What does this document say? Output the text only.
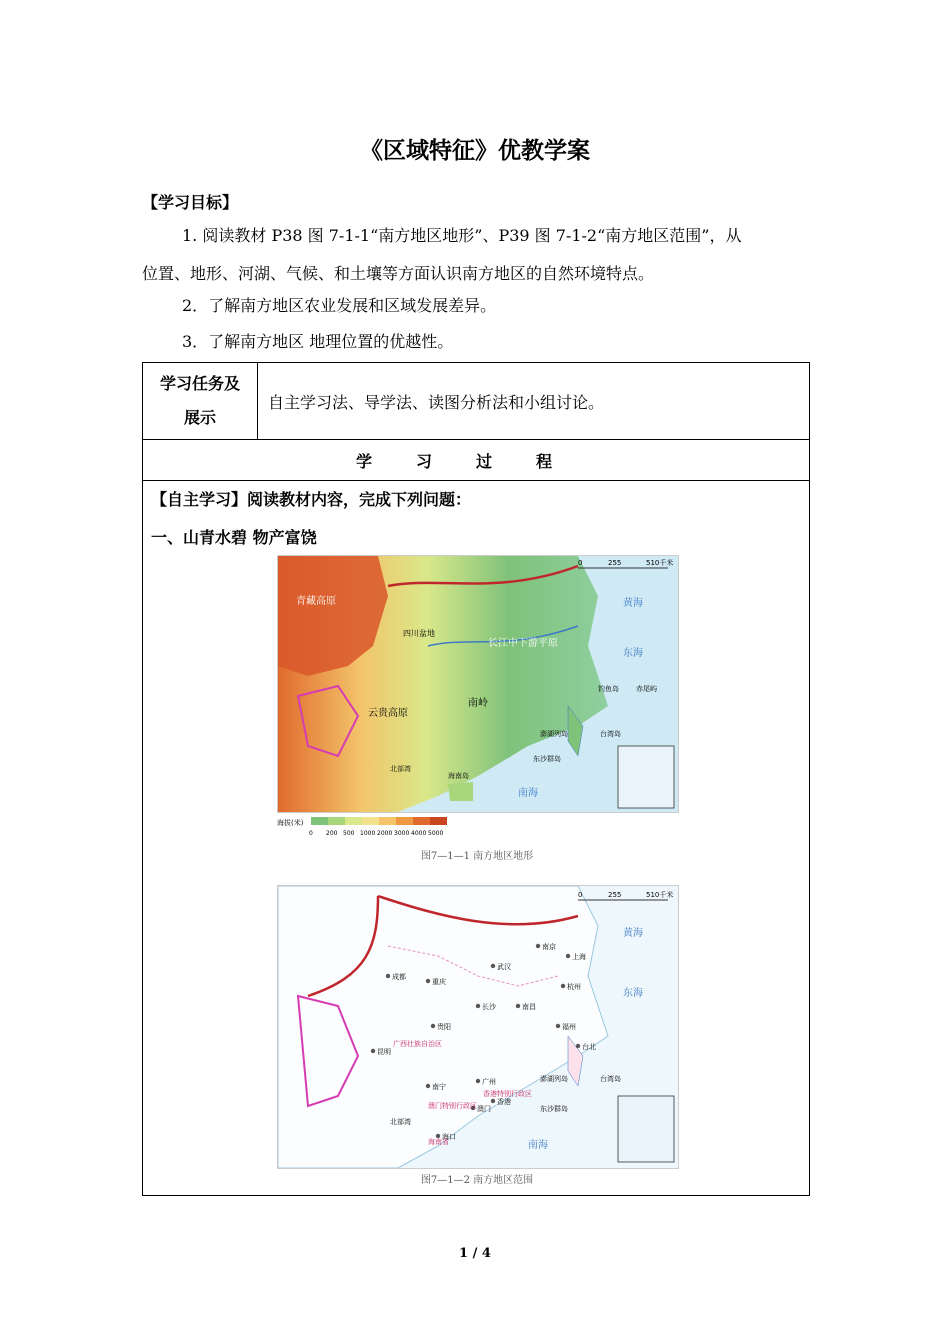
《区域特征》优教学案
【学习目标】
1. 阅读教材 P38 图 7-1-1“南方地区地形”、P39 图 7-1-2“南方地区范围”，从
位置、地形、河湖、气候、和土壤等方面认识南方地区的自然环境特点。
2．了解南方地区农业发展和区域发展差异。
3．了解南方地区 地理位置的优越性。
学习任务及展示	自主学习法、导学法、读图分析法和小组讨论。
学习过程

【自主学习】阅读教材内容，完成下列问题：
一、山青水碧 物产富饶
0	255	510千米
青藏高原
四川盆地
云贵高原
长江中下游平原
南岭
东海
黄海
南海
台湾岛
海南岛
东沙群岛
澎湖列岛
北部湾
钓鱼岛 赤尾屿
海拔(米)
0 200 500 1000 2000 3000 4000 5000
图7—1—1 南方地区地形
0	255	510千米
成都
重庆
武汉
南京
上海
杭州
长沙	南昌
福州
贵阳
昆明
南宁
广州
香港
澳门
海口
台北
东海
黄海
南海
广西壮族自治区
香港特别行政区
澳门特别行政区
海南省
北部湾
台湾岛
澎湖列岛
东沙群岛
图7—1—2 南方地区范围
1 / 4
